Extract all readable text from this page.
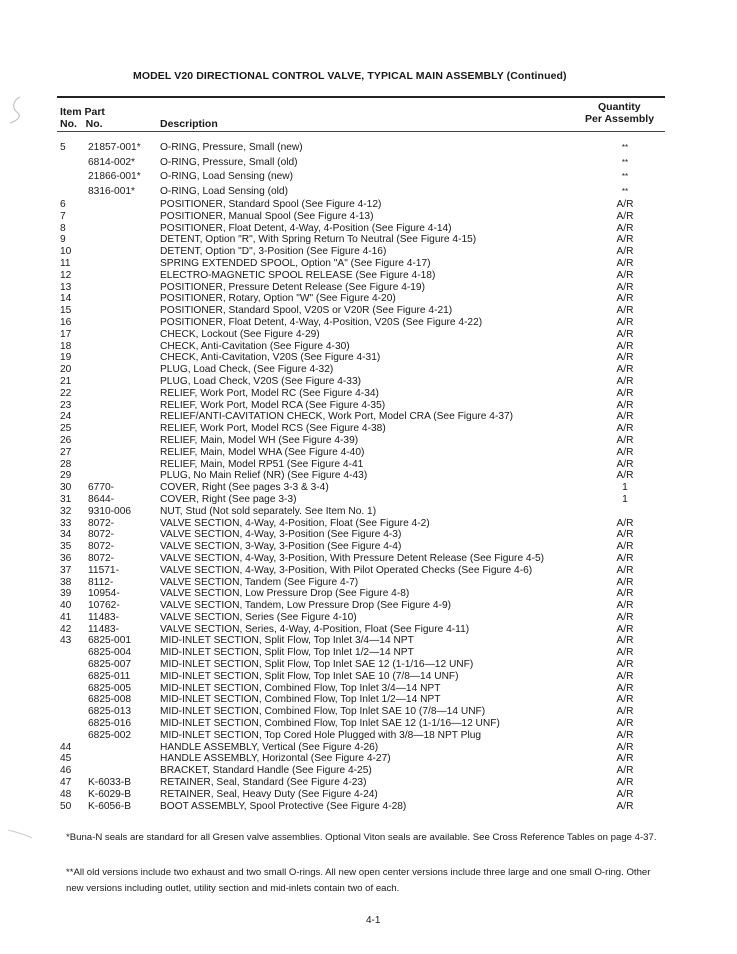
MODEL V20 DIRECTIONAL CONTROL VALVE, TYPICAL MAIN ASSEMBLY (Continued)
Item Part
No.   No.	Description
Quantity
Per Assembly
5	21857-001* O-RING, Pressure, Small (new)	**
6814-002* O-RING, Pressure, Small (old)	**
21866-001* O-RING, Load Sensing (new)	**
8316-001* O-RING, Load Sensing (old)	**
6	POSITIONER, Standard Spool (See Figure 4-12)	A/R
7	POSITIONER, Manual Spool (See Figure 4-13)	A/R
8	POSITIONER, Float Detent, 4-Way, 4-Position (See Figure 4-14)	A/R
9	DETENT, Option "R", With Spring Return To Neutral (See Figure 4-15)	A/R
10	DETENT, Option "D", 3-Position (See Figure 4-16)	A/R
11	SPRING EXTENDED SPOOL, Option "A" (See Figure 4-17)	A/R
12	ELECTRO-MAGNETIC SPOOL RELEASE (See Figure 4-18)	A/R
13	POSITIONER, Pressure Detent Release (See Figure 4-19)	A/R
14	POSITIONER, Rotary, Option "W" (See Figure 4-20)	A/R
15	POSITIONER, Standard Spool, V20S or V20R (See Figure 4-21)	A/R
16	POSITIONER, Float Detent, 4-Way, 4-Position, V20S (See Figure 4-22)	A/R
17	CHECK, Lockout (See Figure 4-29)	A/R
18	CHECK, Anti-Cavitation (See Figure 4-30)	A/R
19	CHECK, Anti-Cavitation, V20S (See Figure 4-31)	A/R
20	PLUG, Load Check, (See Figure 4-32)	A/R
21	PLUG, Load Check, V20S (See Figure 4-33)	A/R
22	RELIEF, Work Port, Model RC (See Figure 4-34)	A/R
23	RELIEF, Work Port, Model RCA (See Figure 4-35)	A/R
24	RELIEF/ANTI-CAVITATION CHECK, Work Port, Model CRA (See Figure 4-37)	A/R
25	RELIEF, Work Port, Model RCS (See Figure 4-38)	A/R
26	RELIEF, Main, Model WH (See Figure 4-39)	A/R
27	RELIEF, Main, Model WHA (See Figure 4-40)	A/R
28	RELIEF, Main, Model RP51 (See Figure 4-41	A/R
29	PLUG, No Main Relief (NR) (See Figure 4-43)	A/R
30	6770-	COVER, Right (See pages 3-3 & 3-4)	1
31	8644-	COVER, Right (See page 3-3)	1
32	9310-006	NUT, Stud (Not sold separately. See Item No. 1)
33	8072-	VALVE SECTION, 4-Way, 4-Position, Float (See Figure 4-2)	A/R
34	8072-	VALVE SECTION, 4-Way, 3-Position (See Figure 4-3)	A/R
35	8072-	VALVE SECTION, 3-Way, 3-Position (See Figure 4-4)	A/R
36	8072-	VALVE SECTION, 4-Way, 3-Position, With Pressure Detent Release (See Figure 4-5)	A/R
37	11571-	VALVE SECTION, 4-Way, 3-Position, With Pilot Operated Checks (See Figure 4-6)	A/R
38	8112-	VALVE SECTION, Tandem (See Figure 4-7)	A/R
39	10954-	VALVE SECTION, Low Pressure Drop (See Figure 4-8)	A/R
40	10762-	VALVE SECTION, Tandem, Low Pressure Drop (See Figure 4-9)	A/R
41	11483-	VALVE SECTION, Series (See Figure 4-10)	A/R
42	11483-	VALVE SECTION, Series, 4-Way, 4-Position, Float (See Figure 4-11)	A/R
43	6825-001	MID-INLET SECTION, Split Flow, Top Inlet 3/4—14 NPT	A/R
6825-004	MID-INLET SECTION, Split Flow, Top Inlet 1/2—14 NPT	A/R
6825-007	MID-INLET SECTION, Split Flow, Top Inlet SAE 12 (1-1/16—12 UNF)	A/R
6825-011	MID-INLET SECTION, Split Flow, Top Inlet SAE 10 (7/8—14 UNF)	A/R
6825-005	MID-INLET SECTION, Combined Flow, Top Inlet 3/4—14 NPT	A/R
6825-008	MID-INLET SECTION, Combined Flow, Top Inlet 1/2—14 NPT	A/R
6825-013	MID-INLET SECTION, Combined Flow, Top Inlet SAE 10 (7/8—14 UNF)	A/R
6825-016	MID-INLET SECTION, Combined Flow, Top Inlet SAE 12 (1-1/16—12 UNF)	A/R
6825-002	MID-INLET SECTION, Top Cored Hole Plugged with 3/8—18 NPT Plug	A/R
44	HANDLE ASSEMBLY, Vertical (See Figure 4-26)	A/R
45	HANDLE ASSEMBLY, Horizontal (See Figure 4-27)	A/R
46	BRACKET, Standard Handle (See Figure 4-25)	A/R
47	K-6033-B	RETAINER, Seal, Standard (See Figure 4-23)	A/R
48	K-6029-B	RETAINER, Seal, Heavy Duty (See Figure 4-24)	A/R
50	K-6056-B	BOOT ASSEMBLY, Spool Protective (See Figure 4-28)	A/R
*Buna-N seals are standard for all Gresen valve assemblies. Optional Viton seals are available. See Cross Reference Tables on page 4-37.
**All old versions include two exhaust and two small O-rings. All new open center versions include three large and one small O-ring. Other new versions including outlet, utility section and mid-inlets contain two of each.
4-1
